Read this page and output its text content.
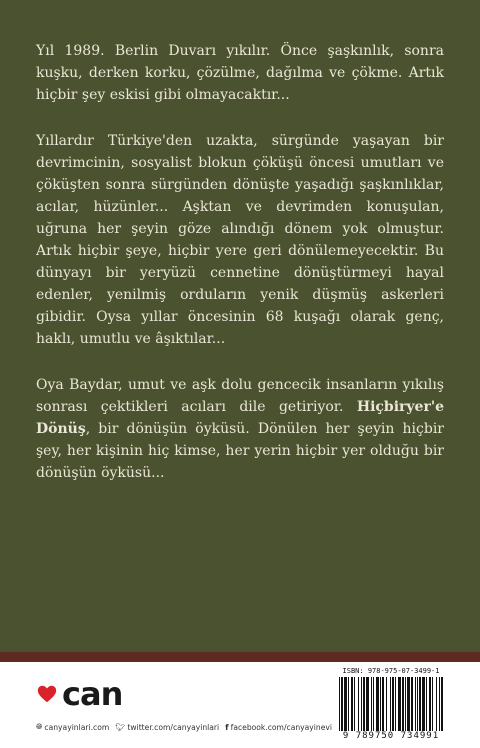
Yıl 1989. Berlin Duvarı yıkılır. Önce şaşkınlık, sonra kuşku, derken korku, çözülme, dağılma ve çökme. Artık hiçbir şey eskisi gibi olmayacaktır...

Yıllardır Türkiye'den uzakta, sürgünde yaşayan bir devrimcinin, sosyalist blokun çöküşü öncesi umutları ve çöküşten sonra sürgünden dönüşte yaşadığı şaşkınlıklar, acılar, hüzünler... Aşktan ve devrimden konuşulan, uğruna her şeyin göze alındığı dönem yok olmuştur. Artık hiçbir şeye, hiçbir yere geri dönülemeyecektir. Bu dünyayı bir yeryüzü cennetine dönüştürmeyi hayal edenler, yenilmiş orduların yenik düşmüş askerleri gibidir. Oysa yıllar öncesinin 68 kuşağı olarak genç, haklı, umutlu ve âşıktılar...

Oya Baydar, umut ve aşk dolu gencecik insanların yıkılış sonrası çektikleri acıları dile getiriyor. Hiçbiryer'e Dönüş, bir dönüşün öyküsü. Dönülen her şeyin hiçbir şey, her kişinin hiç kimse, her yerin hiçbir yer olduğu bir dönüşün öyküsü...

can
🌐︎ canyayinlari.com 🐦︎ twitter.com/canyayinlari f facebook.com/canyayinevi
ISBN: 978-975-07-3499-1
9 789750 734991
